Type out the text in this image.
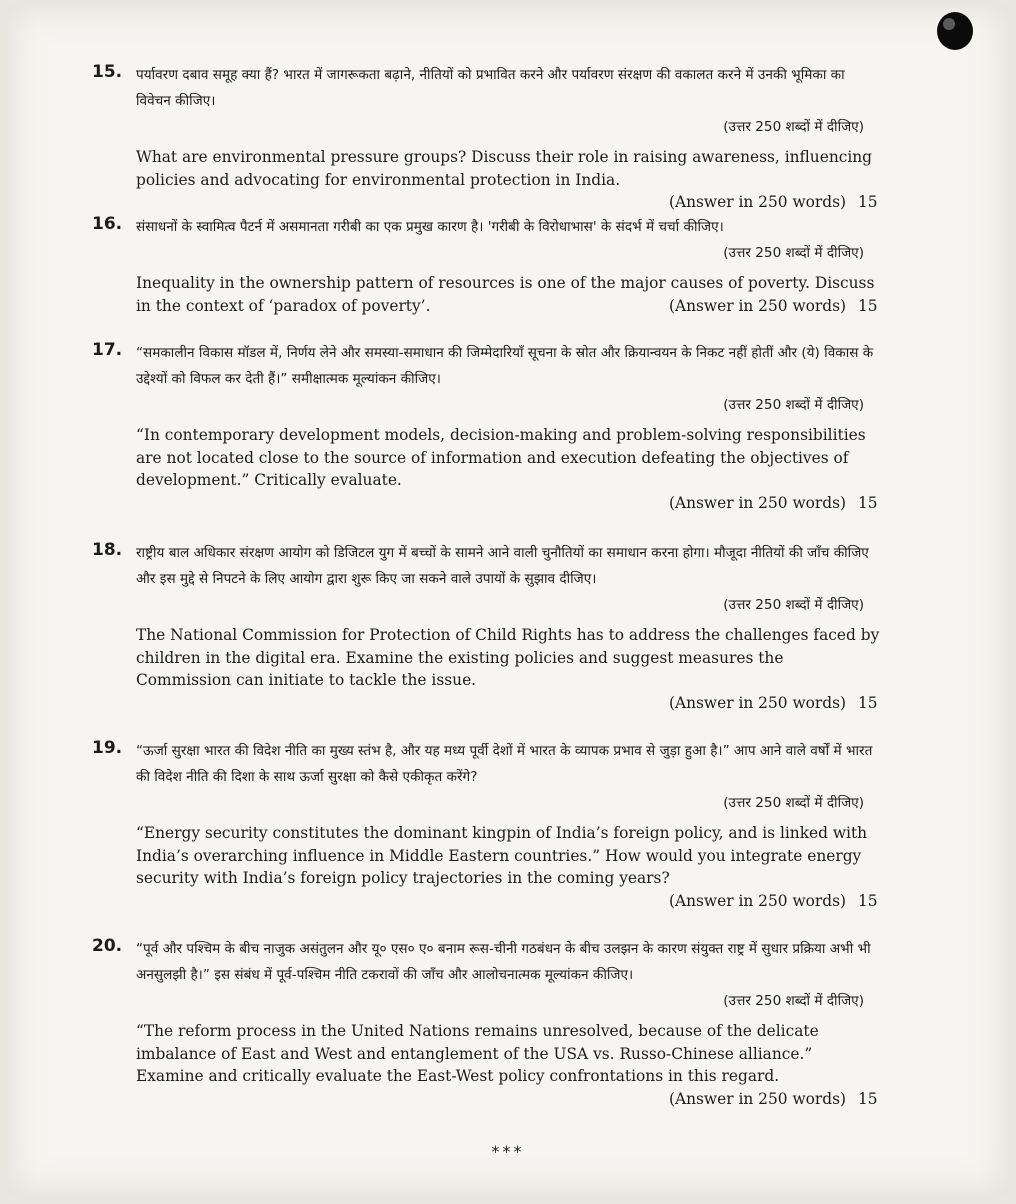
15.	पर्यावरण दबाव समूह क्या हैं? भारत में जागरूकता बढ़ाने, नीतियों को प्रभावित करने और पर्यावरण संरक्षण की वकालत करने में उनकी भूमिका का विवेचन कीजिए।
(उत्तर 250 शब्दों में दीजिए)
What are environmental pressure groups? Discuss their role in raising awareness, influencing policies and advocating for environmental protection in India.
(Answer in 250 words) 15
16.	संसाधनों के स्वामित्व पैटर्न में असमानता गरीबी का एक प्रमुख कारण है। 'गरीबी के विरोधाभास' के संदर्भ में चर्चा कीजिए।
(उत्तर 250 शब्दों में दीजिए)
Inequality in the ownership pattern of resources is one of the major causes of poverty. Discuss in the context of ‘paradox of poverty’.	(Answer in 250 words) 15
17.	“समकालीन विकास मॉडल में, निर्णय लेने और समस्या-समाधान की जिम्मेदारियाँ सूचना के स्रोत और क्रियान्वयन के निकट नहीं होतीं और (ये) विकास के उद्देश्यों को विफल कर देती हैं।” समीक्षात्मक मूल्यांकन कीजिए।
(उत्तर 250 शब्दों में दीजिए)
“In contemporary development models, decision-making and problem-solving responsibilities are not located close to the source of information and execution defeating the objectives of development.” Critically evaluate.
(Answer in 250 words) 15
18.	राष्ट्रीय बाल अधिकार संरक्षण आयोग को डिजिटल युग में बच्चों के सामने आने वाली चुनौतियों का समाधान करना होगा। मौजूदा नीतियों की जाँच कीजिए और इस मुद्दे से निपटने के लिए आयोग द्वारा शुरू किए जा सकने वाले उपायों के सुझाव दीजिए।
(उत्तर 250 शब्दों में दीजिए)
The National Commission for Protection of Child Rights has to address the challenges faced by children in the digital era. Examine the existing policies and suggest measures the Commission can initiate to tackle the issue.
(Answer in 250 words) 15
19.	“ऊर्जा सुरक्षा भारत की विदेश नीति का मुख्य स्तंभ है, और यह मध्य पूर्वी देशों में भारत के व्यापक प्रभाव से जुड़ा हुआ है।” आप आने वाले वर्षों में भारत की विदेश नीति की दिशा के साथ ऊर्जा सुरक्षा को कैसे एकीकृत करेंगे?
(उत्तर 250 शब्दों में दीजिए)
“Energy security constitutes the dominant kingpin of India’s foreign policy, and is linked with India’s overarching influence in Middle Eastern countries.” How would you integrate energy security with India’s foreign policy trajectories in the coming years?
(Answer in 250 words) 15
20.	“पूर्व और पश्चिम के बीच नाजुक असंतुलन और यू० एस० ए० बनाम रूस-चीनी गठबंधन के बीच उलझन के कारण संयुक्त राष्ट्र में सुधार प्रक्रिया अभी भी अनसुलझी है।” इस संबंध में पूर्व-पश्चिम नीति टकरावों की जाँच और आलोचनात्मक मूल्यांकन कीजिए।
(उत्तर 250 शब्दों में दीजिए)
“The reform process in the United Nations remains unresolved, because of the delicate imbalance of East and West and entanglement of the USA vs. Russo-Chinese alliance.” Examine and critically evaluate the East-West policy confrontations in this regard.
(Answer in 250 words) 15
***
